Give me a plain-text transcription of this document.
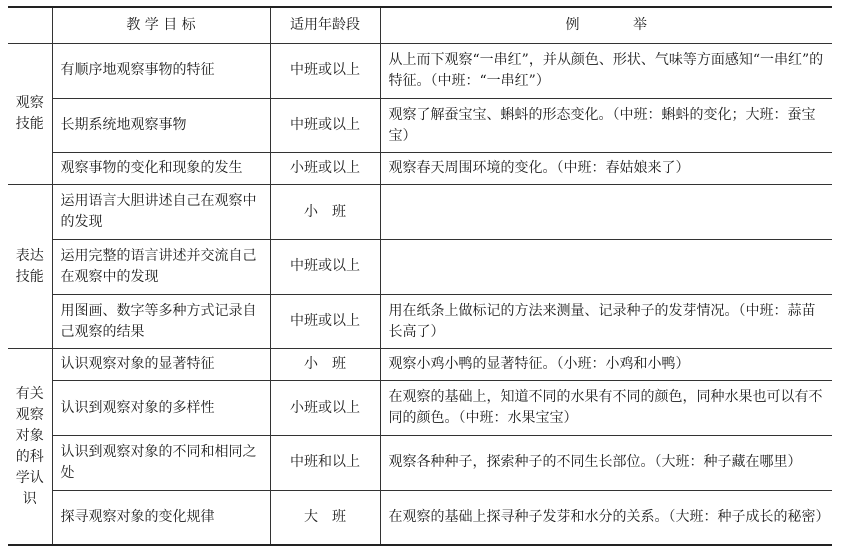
	教 学 目 标	适用年龄段	例            举
观察技能	有顺序地观察事物的特征	中班或以上	从上而下观察“一串红”，并从颜色、形状、气味等方面感知“一串红”的特征。（中班：“一串红”）
	长期系统地观察事物	中班或以上	观察了解蚕宝宝、蝌蚪的形态变化。（中班：蝌蚪的变化；大班：蚕宝宝）
	观察事物的变化和现象的发生	小班或以上	观察春天周围环境的变化。（中班：春姑娘来了）
表达技能	运用语言大胆讲述自己在观察中的发现	小　班	
	运用完整的语言讲述并交流自己在观察中的发现	中班或以上	
	用图画、数字等多种方式记录自己观察的结果	中班或以上	用在纸条上做标记的方法来测量、记录种子的发芽情况。（中班：蒜苗长高了）
有关观察对象的科学认识	认识观察对象的显著特征	小　班	观察小鸡小鸭的显著特征。（小班：小鸡和小鸭）
	认识到观察对象的多样性	小班或以上	在观察的基础上，知道不同的水果有不同的颜色，同种水果也可以有不同的颜色。（中班：水果宝宝）
	认识到观察对象的不同和相同之处	中班和以上	观察各种种子，探索种子的不同生长部位。（大班：种子藏在哪里）
	探寻观察对象的变化规律	大　班	在观察的基础上探寻种子发芽和水分的关系。（大班：种子成长的秘密）
